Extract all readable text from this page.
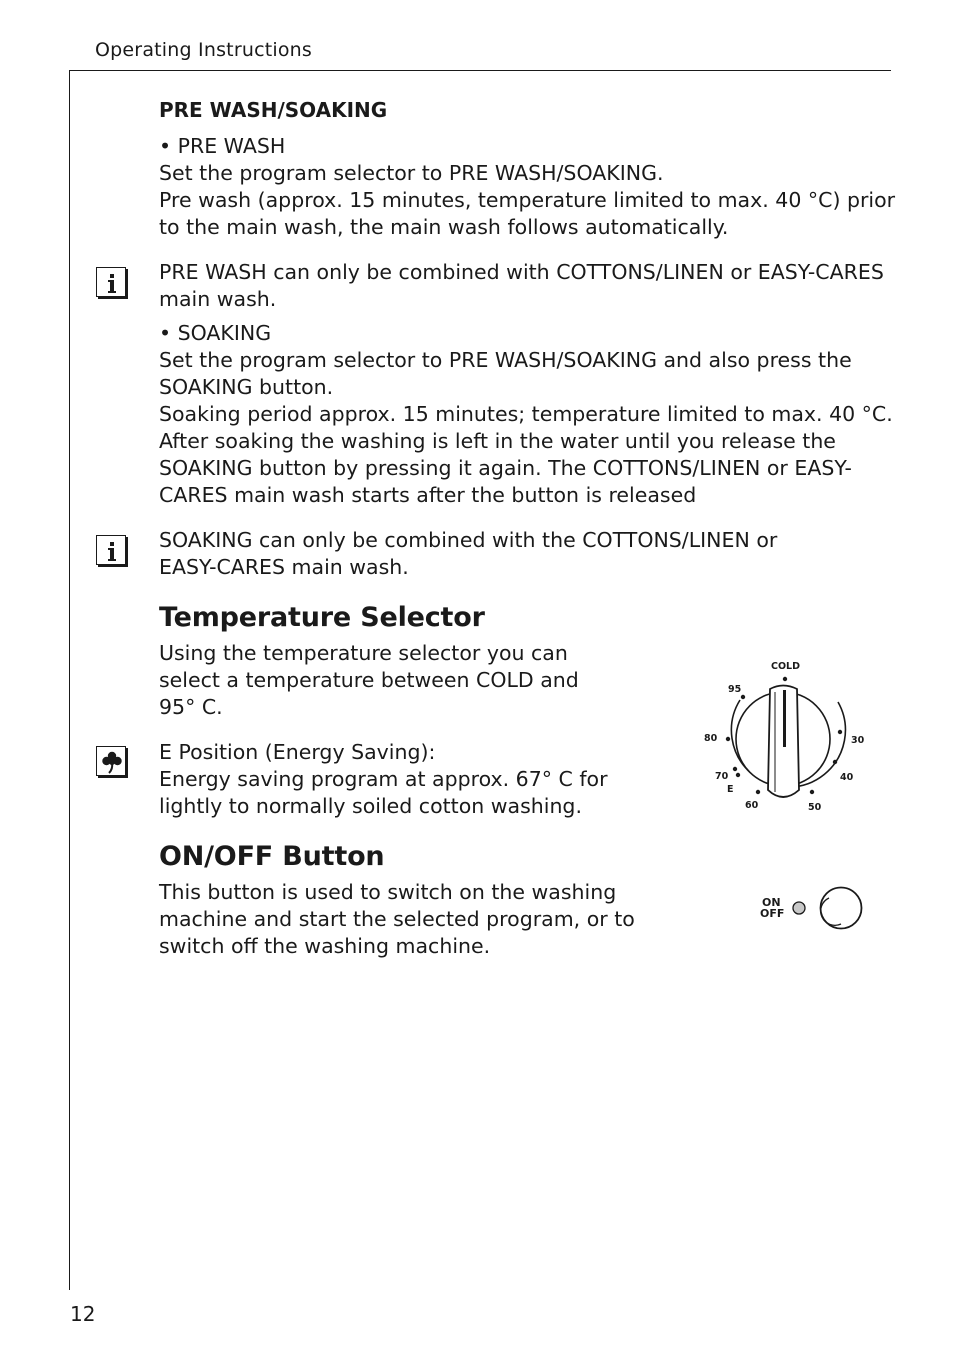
Operating Instructions

PRE WASH/SOAKING

• PRE WASH
Set the program selector to PRE WASH/SOAKING.
Pre wash (approx. 15 minutes, temperature limited to max. 40 °C) prior
to the main wash, the main wash follows automatically.
PRE WASH can only be combined with COTTONS/LINEN or EASY-CARES
main wash.
• SOAKING
Set the program selector to PRE WASH/SOAKING and also press the
SOAKING button.
Soaking period approx. 15 minutes; temperature limited to max. 40 °C.
After soaking the washing is left in the water until you release the
SOAKING button by pressing it again. The COTTONS/LINEN or EASY-
CARES main wash starts after the button is released
SOAKING can only be combined with the COTTONS/LINEN or
EASY-CARES main wash.
Temperature Selector
Using the temperature selector you can
select a temperature between COLD and
95° C.
E Position (Energy Saving):
Energy saving program at approx. 67° C for
lightly to normally soiled cotton washing.
COLD
30
40
50
60
70
E
80
95
ON/OFF Button
This button is used to switch on the washing
machine and start the selected program, or to
switch off the washing machine.
ON
OFF
12
